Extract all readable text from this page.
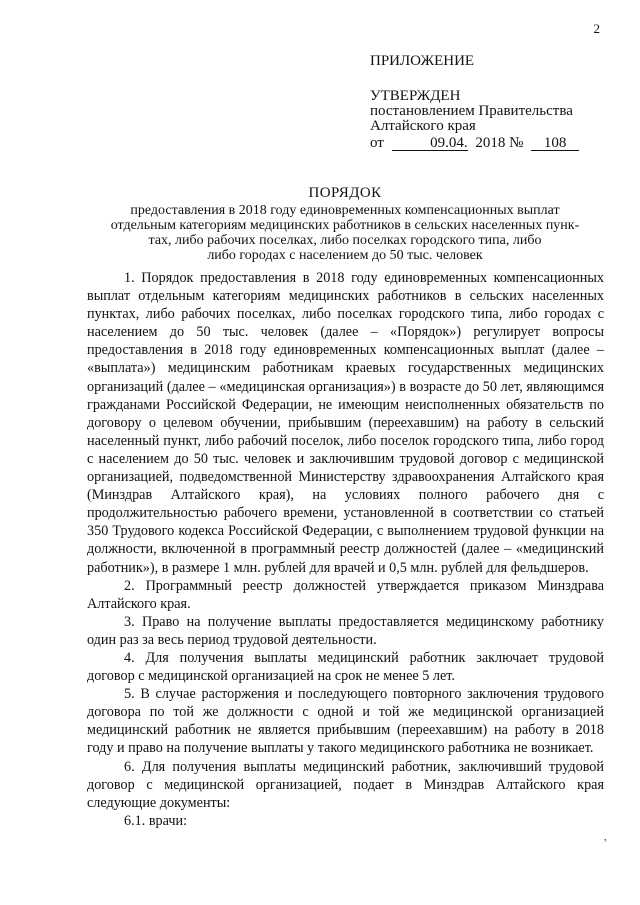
2
ПРИЛОЖЕНИЕ
УТВЕРЖДЕН
постановлением Правительства
Алтайского края
от	09.04. 2018 № 108
ПОРЯДОК
предоставления в 2018 году единовременных компенсационных выплат
отдельным категориям медицинских работников в сельских населенных пунк-
тах, либо рабочих поселках, либо поселках городского типа, либо
либо городах с населением до 50 тыс. человек

1. Порядок предоставления в 2018 году единовременных компенсационных выплат отдельным категориям медицинских работников в сельских населенных пунктах, либо рабочих поселках, либо поселках городского типа, либо городах с населением до 50 тыс. человек (далее – «Порядок») регулирует вопросы предоставления в 2018 году единовременных компенсационных выплат (далее – «выплата») медицинским работникам краевых государственных медицинских организаций (далее – «медицинская организация») в возрасте до 50 лет, являющимся гражданами Российской Федерации, не имеющим неисполненных обязательств по договору о целевом обучении, прибывшим (переехавшим) на работу в сельский населенный пункт, либо рабочий поселок, либо поселок городского типа, либо город с населением до 50 тыс. человек и заключившим трудовой договор с медицинской организацией, подведомственной Министерству здравоохранения Алтайского края (Минздрав Алтайского края), на условиях полного рабочего дня с продолжительностью рабочего времени, установленной в соответствии со статьей 350 Трудового кодекса Российской Федерации, с выполнением трудовой функции на должности, включенной в программный реестр должностей (далее – «медицинский работник»), в размере 1 млн. рублей для врачей и 0,5 млн. рублей для фельдшеров.

2. Программный реестр должностей утверждается приказом Минздрава Алтайского края.

3. Право на получение выплаты предоставляется медицинскому работнику один раз за весь период трудовой деятельности.

4. Для получения выплаты медицинский работник заключает трудовой договор с медицинской организацией на срок не менее 5 лет.

5. В случае расторжения и последующего повторного заключения трудового договора по той же должности с одной и той же медицинской организацией медицинский работник не является прибывшим (переехавшим) на работу в 2018 году и право на получение выплаты у такого медицинского работника не возникает.

6. Для получения выплаты медицинский работник, заключивший трудовой договор с медицинской организацией, подает в Минздрав Алтайского края следующие документы:

6.1. врачи:

,
